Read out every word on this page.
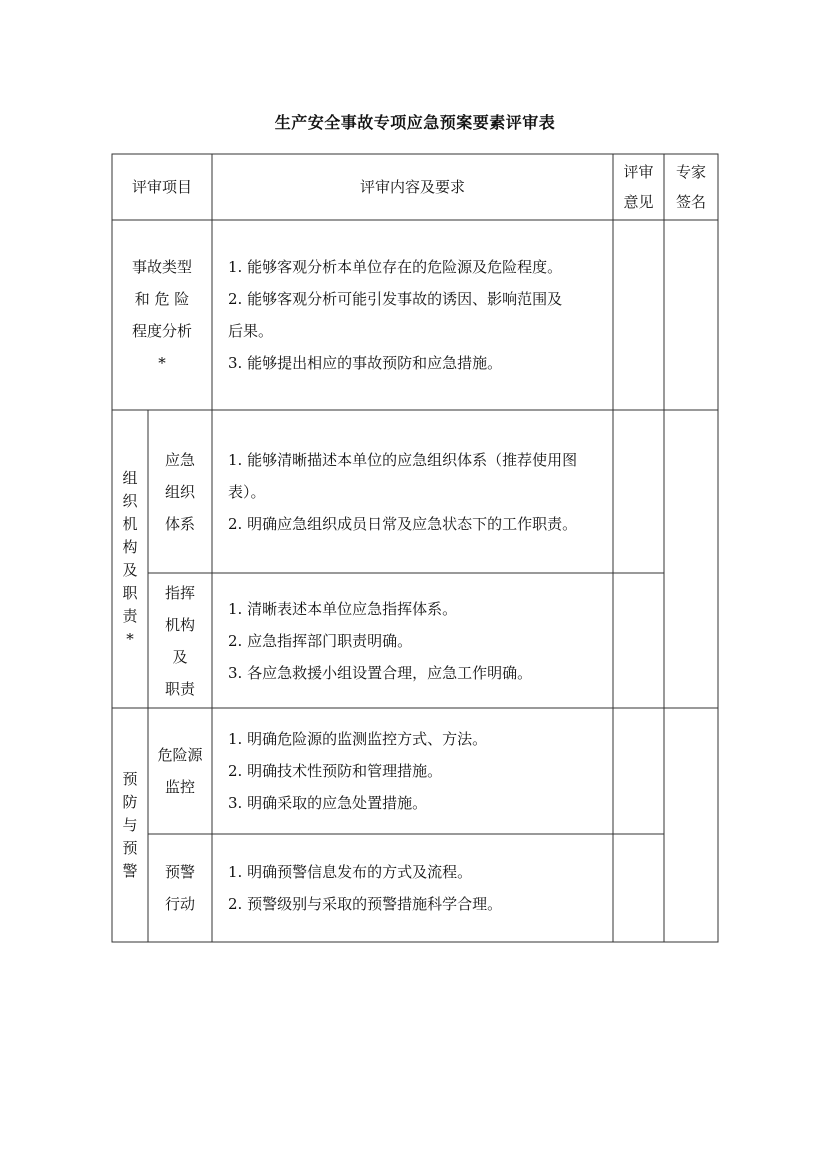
生产安全事故专项应急预案要素评审表
评审项目	评审内容及要求
评审
意见
专家
签名
事故类型
和 危 险
程度分析
*
1. 能够客观分析本单位存在的危险源及危险程度。
2. 能够客观分析可能引发事故的诱因、影响范围及
后果。
3. 能够提出相应的事故预防和应急措施。
组
织
机
构
及
职
责
*
应急
组织
体系
1. 能够清晰描述本单位的应急组织体系（推荐使用图
表）。
2. 明确应急组织成员日常及应急状态下的工作职责。
指挥
机构
及
职责
1. 清晰表述本单位应急指挥体系。
2. 应急指挥部门职责明确。
3. 各应急救援小组设置合理，应急工作明确。
预
防
与
预
警
危险源
监控
1. 明确危险源的监测监控方式、方法。
2. 明确技术性预防和管理措施。
3. 明确采取的应急处置措施。
预警
行动
1. 明确预警信息发布的方式及流程。
2. 预警级别与采取的预警措施科学合理。
